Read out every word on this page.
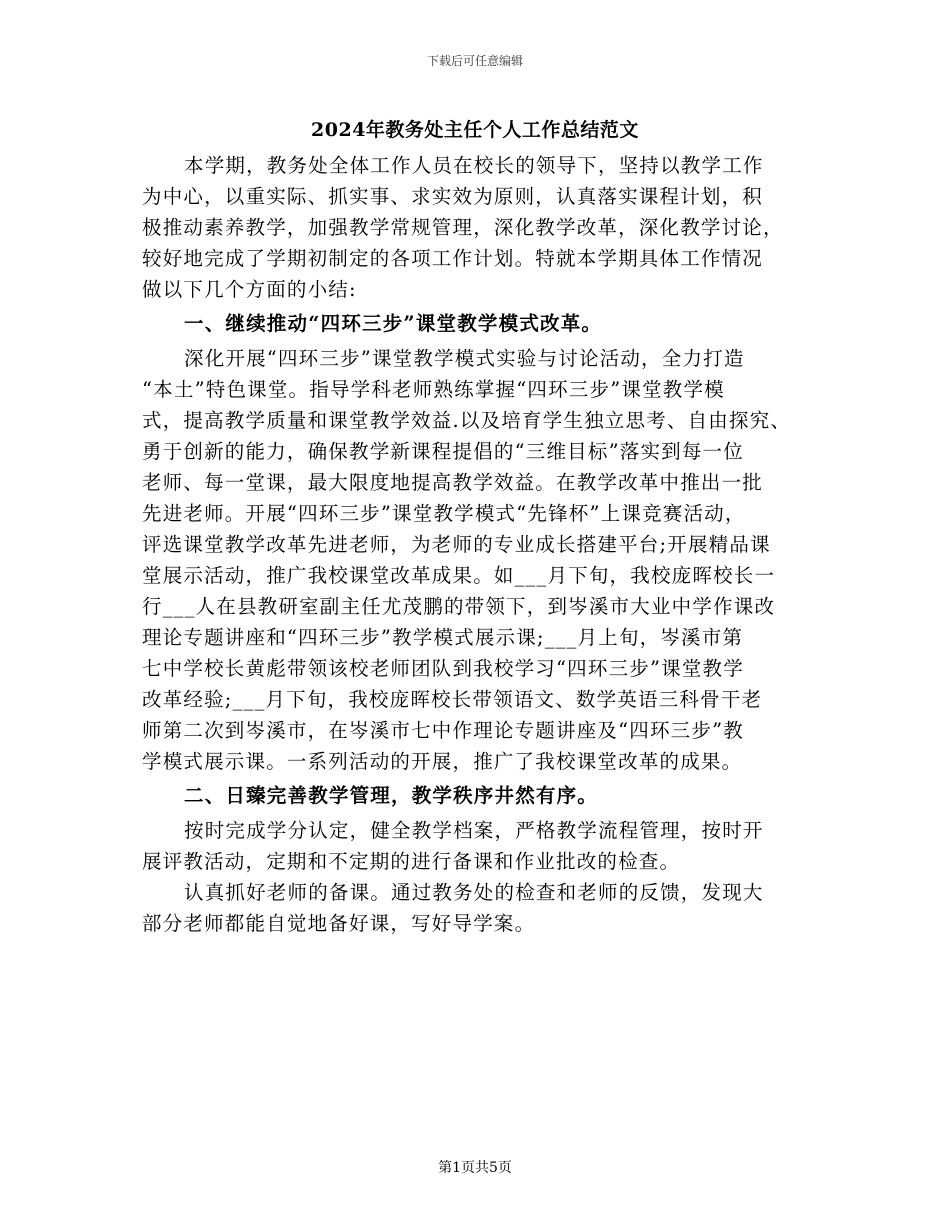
下载后可任意编辑
2024年教务处主任个人工作总结范文
本学期，教务处全体工作人员在校长的领导下，坚持以教学工作
为中心，以重实际、抓实事、求实效为原则，认真落实课程计划，积
极推动素养教学，加强教学常规管理，深化教学改革，深化教学讨论，
较好地完成了学期初制定的各项工作计划。特就本学期具体工作情况
做以下几个方面的小结:
一、继续推动“四环三步”课堂教学模式改革。
深化开展“四环三步”课堂教学模式实验与讨论活动，全力打造
“本土”特色课堂。指导学科老师熟练掌握“四环三步”课堂教学模
式，提高教学质量和课堂教学效益.以及培育学生独立思考、自由探究、
勇于创新的能力，确保教学新课程提倡的“三维目标”落实到每一位
老师、每一堂课，最大限度地提高教学效益。在教学改革中推出一批
先进老师。开展“四环三步”课堂教学模式“先锋杯”上课竞赛活动，
评选课堂教学改革先进老师，为老师的专业成长搭建平台;开展精品课
堂展示活动，推广我校课堂改革成果。如___月下旬，我校庞晖校长一
行___人在县教研室副主任尤茂鹏的带领下，到岑溪市大业中学作课改
理论专题讲座和“四环三步”教学模式展示课;___月上旬，岑溪市第
七中学校长黄彪带领该校老师团队到我校学习“四环三步”课堂教学
改革经验;___月下旬，我校庞晖校长带领语文、数学英语三科骨干老
师第二次到岑溪市，在岑溪市七中作理论专题讲座及“四环三步”教
学模式展示课。一系列活动的开展，推广了我校课堂改革的成果。
二、日臻完善教学管理，教学秩序井然有序。
按时完成学分认定，健全教学档案，严格教学流程管理，按时开
展评教活动，定期和不定期的进行备课和作业批改的检查。
认真抓好老师的备课。通过教务处的检查和老师的反馈，发现大
部分老师都能自觉地备好课，写好导学案。
第1页共5页
